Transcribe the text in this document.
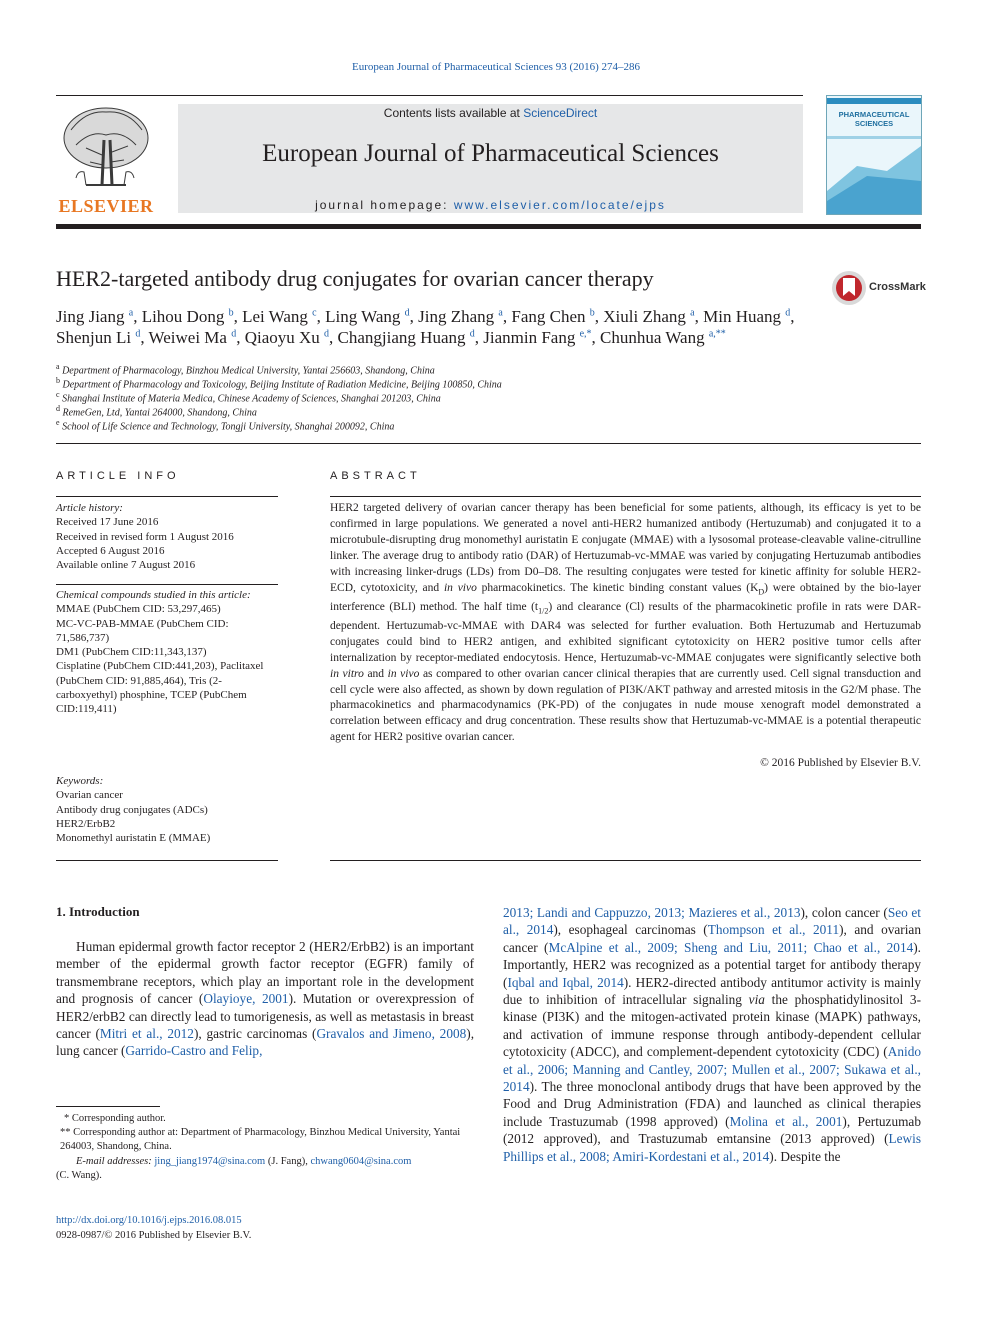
European Journal of Pharmaceutical Sciences 93 (2016) 274–286
ELSEVIER
Contents lists available at ScienceDirect
European Journal of Pharmaceutical Sciences
journal homepage: www.elsevier.com/locate/ejps
PHARMACEUTICAL
SCIENCES
HER2-targeted antibody drug conjugates for ovarian cancer therapy	CrossMark
Jing Jiang $^a$, Lihou Dong $^b$, Lei Wang $^c$, Ling Wang $^d$, Jing Zhang $^a$, Fang Chen $^b$, Xiuli Zhang $^a$, Min Huang $^d$,
Shenjun Li $^d$, Weiwei Ma $^d$, Qiaoyu Xu $^d$, Changjiang Huang $^d$, Jianmin Fang $^{e,*}$, Chunhua Wang $^{a,**}$
$^a$ Department of Pharmacology, Binzhou Medical University, Yantai 256603, Shandong, China
$^b$ Department of Pharmacology and Toxicology, Beijing Institute of Radiation Medicine, Beijing 100850, China
$^c$ Shanghai Institute of Materia Medica, Chinese Academy of Sciences, Shanghai 201203, China
$^d$ RemeGen, Ltd, Yantai 264000, Shandong, China
$^e$ School of Life Science and Technology, Tongji University, Shanghai 200092, China
ARTICLE INFO
Article history:
Received 17 June 2016
Received in revised form 1 August 2016
Accepted 6 August 2016
Available online 7 August 2016
Chemical compounds studied in this article:
MMAE (PubChem CID: 53,297,465)
MC-VC-PAB-MMAE (PubChem CID:
71,586,737)
DM1 (PubChem CID:11,343,137)
Cisplatine (PubChem CID:441,203), Paclitaxel
(PubChem CID: 91,885,464), Tris (2-
carboxyethyl) phosphine, TCEP (PubChem
CID:119,411)
Keywords:
Ovarian cancer
Antibody drug conjugates (ADCs)
HER2/ErbB2
Monomethyl auristatin E (MMAE)
ABSTRACT
HER2 targeted delivery of ovarian cancer therapy has been beneficial for some patients, although, its efficacy is yet to be confirmed in large populations. We generated a novel anti-HER2 humanized antibody (Hertuzumab) and conjugated it to a microtubule-disrupting drug monomethyl auristatin E conjugate (MMAE) with a lysosomal protease-cleavable valine-citrulline linker. The average drug to antibody ratio (DAR) of Hertuzumab-vc-MMAE was varied by conjugating Hertuzumab antibodies with increasing linker-drugs (LDs) from D0–D8. The resulting conjugates were tested for kinetic affinity for soluble HER2-ECD, cytotoxicity, and in vivo pharmacokinetics. The kinetic binding constant values $(K_D)$ were obtained by the bio-layer interference (BLI) method. The half time $(t_{1/2})$ and clearance (Cl) results of the pharmacokinetic profile in rats were DAR-dependent. Hertuzumab-vc-MMAE with DAR4 was selected for further evaluation. Both Hertuzumab and Hertuzumab conjugates could bind to HER2 antigen, and exhibited significant cytotoxicity on HER2 positive tumor cells after internalization by receptor-mediated endocytosis. Hence, Hertuzumab-vc-MMAE conjugates were significantly selective both in vitro and in vivo as compared to other ovarian cancer clinical therapies that are currently used. Cell signal transduction and cell cycle were also affected, as shown by down regulation of PI3K/AKT pathway and arrested mitosis in the G2/M phase. The pharmacokinetics and pharmacodynamics (PK-PD) of the conjugates in nude mouse xenograft model demonstrated a correlation between efficacy and drug concentration. These results show that Hertuzumab-vc-MMAE is a potential therapeutic agent for HER2 positive ovarian cancer.
© 2016 Published by Elsevier B.V.
1. Introduction
Human epidermal growth factor receptor 2 (HER2/ErbB2) is an important member of the epidermal growth factor receptor (EGFR) family of transmembrane receptors, which play an important role in the development and prognosis of cancer (Olayioye, 2001). Mutation or overexpression of HER2/erbB2 can directly lead to tumorigenesis, as well as metastasis in breast cancer (Mitri et al., 2012), gastric carcinomas (Gravalos and Jimeno, 2008), lung cancer (Garrido-Castro and Felip,
2013; Landi and Cappuzzo, 2013; Mazieres et al., 2013), colon cancer (Seo et al., 2014), esophageal carcinomas (Thompson et al., 2011), and ovarian cancer (McAlpine et al., 2009; Sheng and Liu, 2011; Chao et al., 2014). Importantly, HER2 was recognized as a potential target for antibody therapy (Iqbal and Iqbal, 2014). HER2-directed antibody antitumor activity is mainly due to inhibition of intracellular signaling via the phosphatidylinositol 3-kinase (PI3K) and the mitogen-activated protein kinase (MAPK) pathways, and activation of immune response through antibody-dependent cellular cytotoxicity (ADCC), and complement-dependent cytotoxicity (CDC) (Anido et al., 2006; Manning and Cantley, 2007; Mullen et al., 2007; Sukawa et al., 2014). The three monoclonal antibody drugs that have been approved by the Food and Drug Administration (FDA) and launched as clinical therapies include Trastuzumab (1998 approved) (Molina et al., 2001), Pertuzumab (2012 approved), and Trastuzumab emtansine (2013 approved) (Lewis Phillips et al., 2008; Amiri-Kordestani et al., 2014). Despite the
* Corresponding author.
** Corresponding author at: Department of Pharmacology, Binzhou Medical University, Yantai 264003, Shandong, China.
E-mail addresses: jing_jiang1974@sina.com (J. Fang), chwang0604@sina.com
(C. Wang).
http://dx.doi.org/10.1016/j.ejps.2016.08.015
0928-0987/© 2016 Published by Elsevier B.V.
